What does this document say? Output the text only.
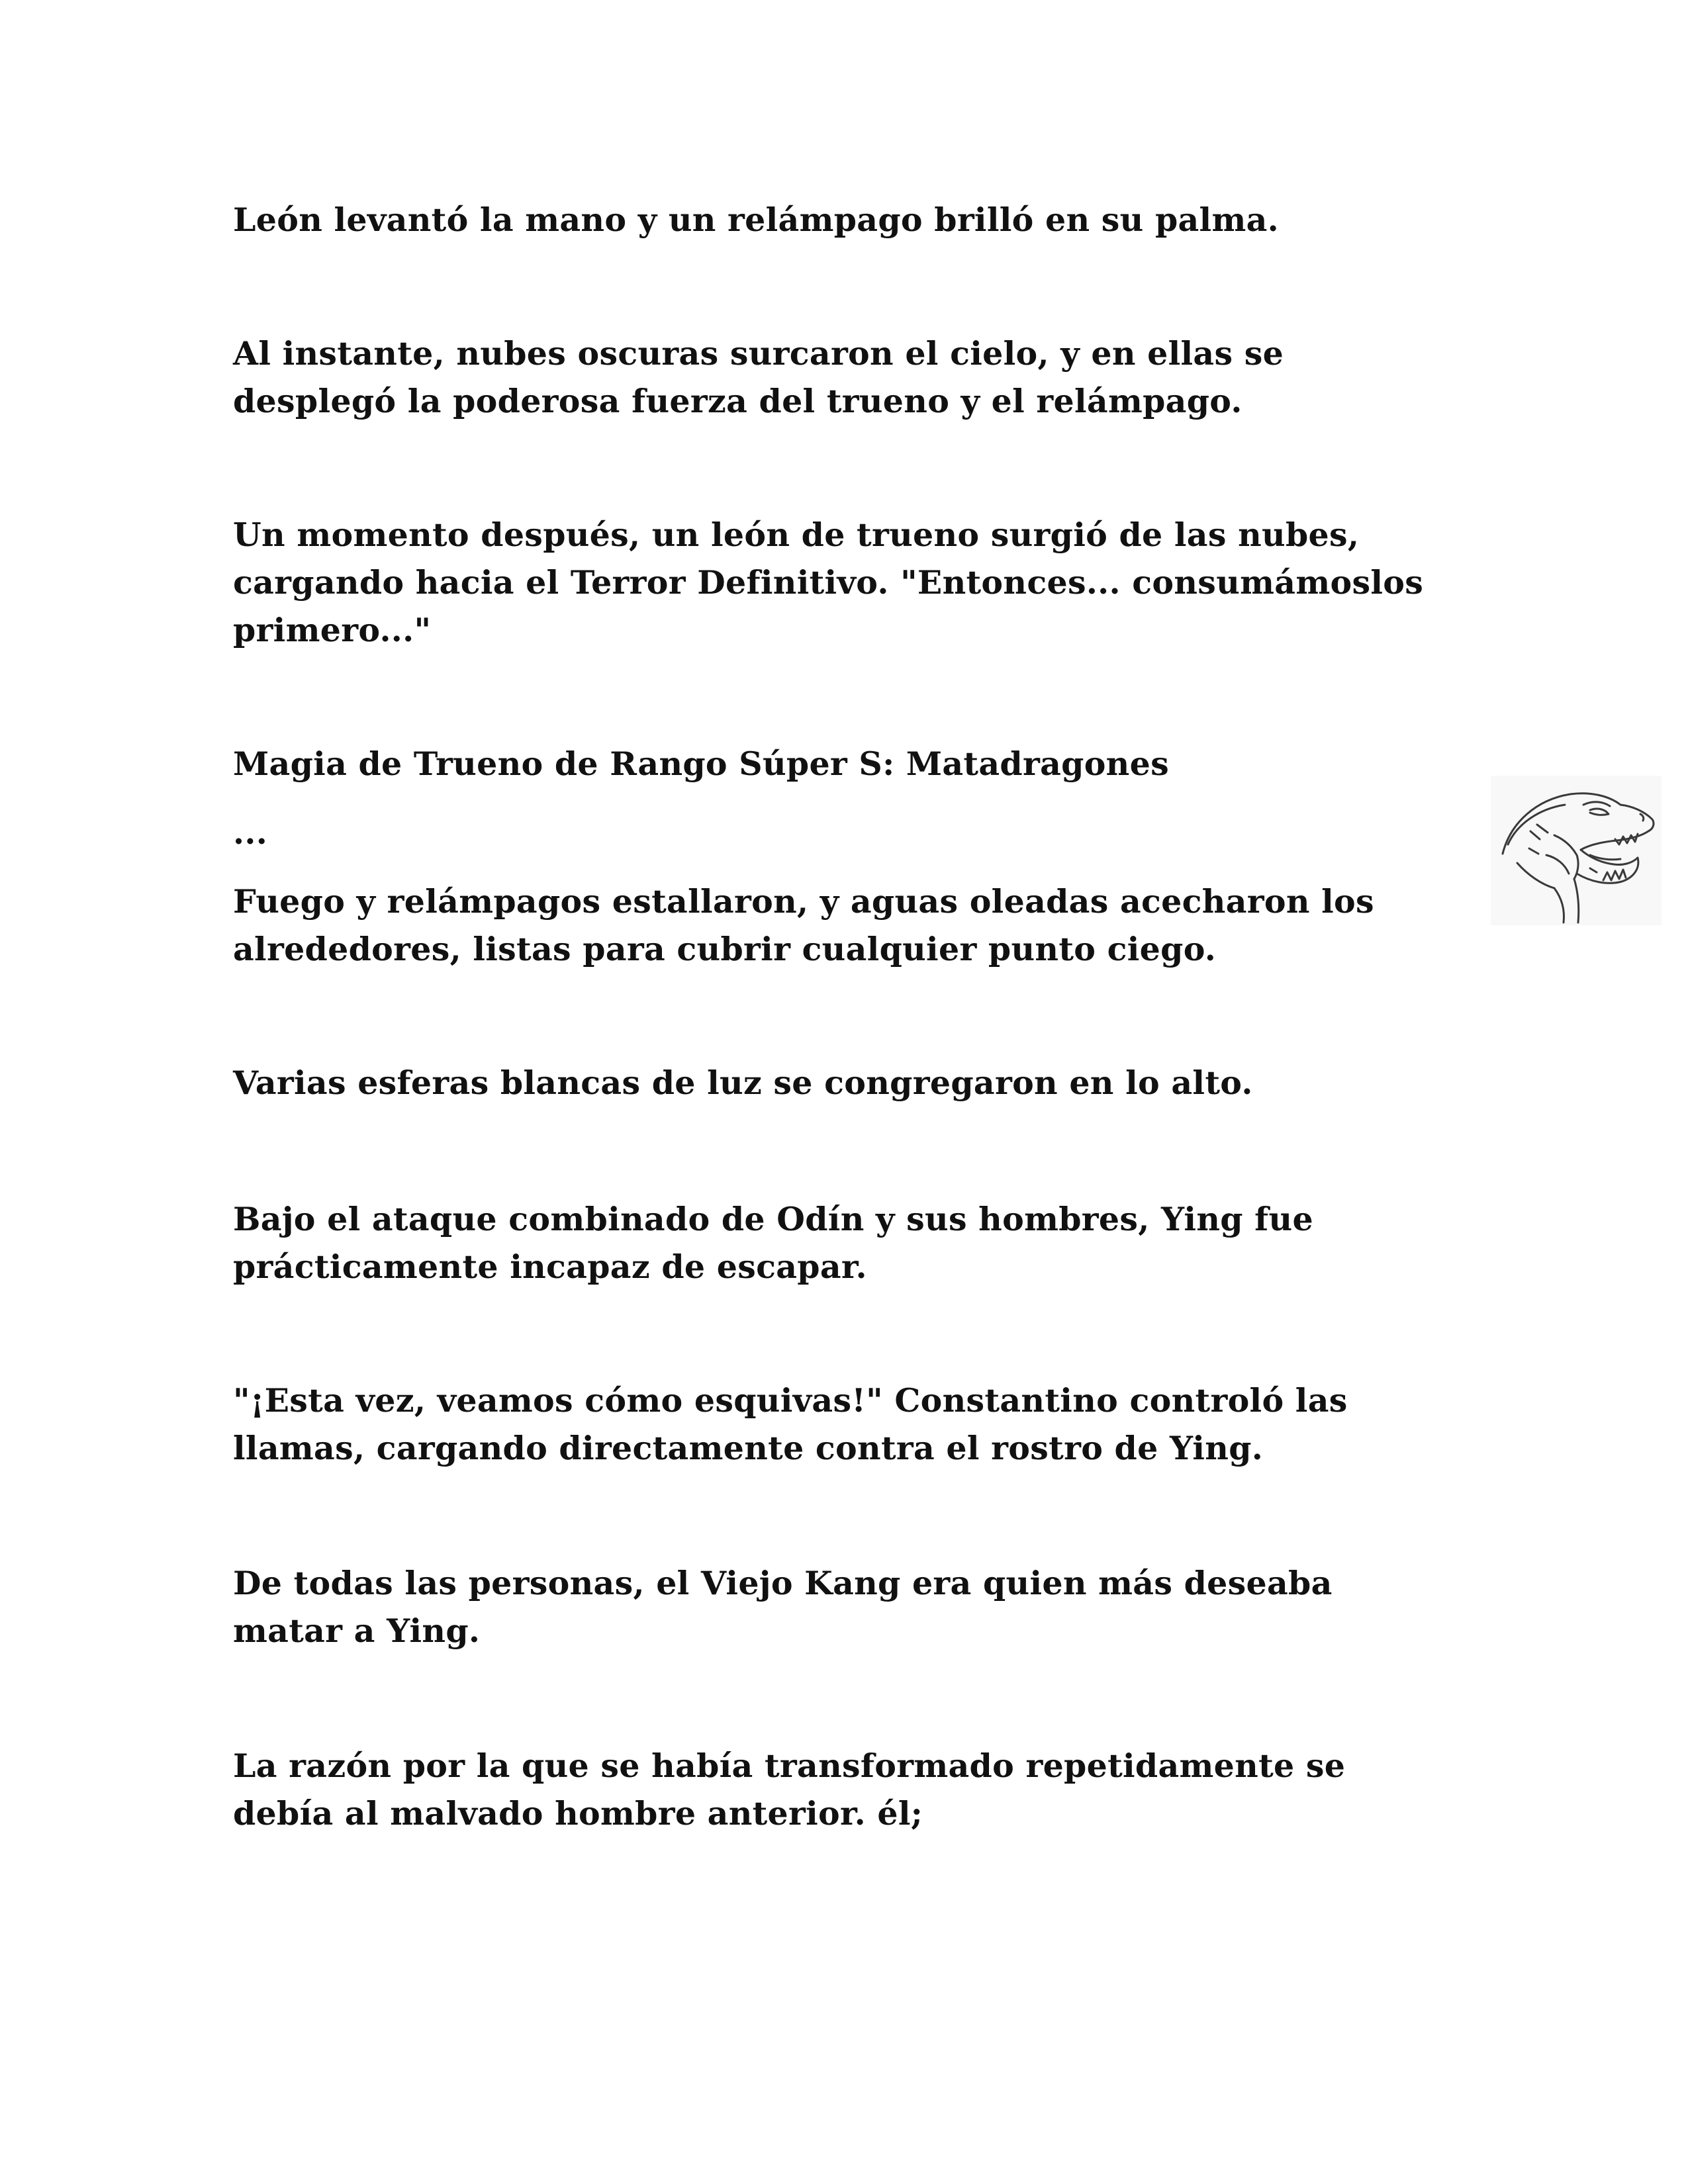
León levantó la mano y un relámpago brilló en su palma.

Al instante, nubes oscuras surcaron el cielo, y en ellas se desplegó la poderosa fuerza del trueno y el relámpago.

Un momento después, un león de trueno surgió de las nubes, cargando hacia el Terror Definitivo. "Entonces... consumámoslos primero..."

Magia de Trueno de Rango Súper S: Matadragones

...

Fuego y relámpagos estallaron, y aguas oleadas acecharon los alrededores, listas para cubrir cualquier punto ciego.

Varias esferas blancas de luz se congregaron en lo alto.

Bajo el ataque combinado de Odín y sus hombres, Ying fue prácticamente incapaz de escapar.

"¡Esta vez, veamos cómo esquivas!" Constantino controló las llamas, cargando directamente contra el rostro de Ying.

De todas las personas, el Viejo Kang era quien más deseaba matar a Ying.

La razón por la que se había transformado repetidamente se debía al malvado hombre anterior. él;
